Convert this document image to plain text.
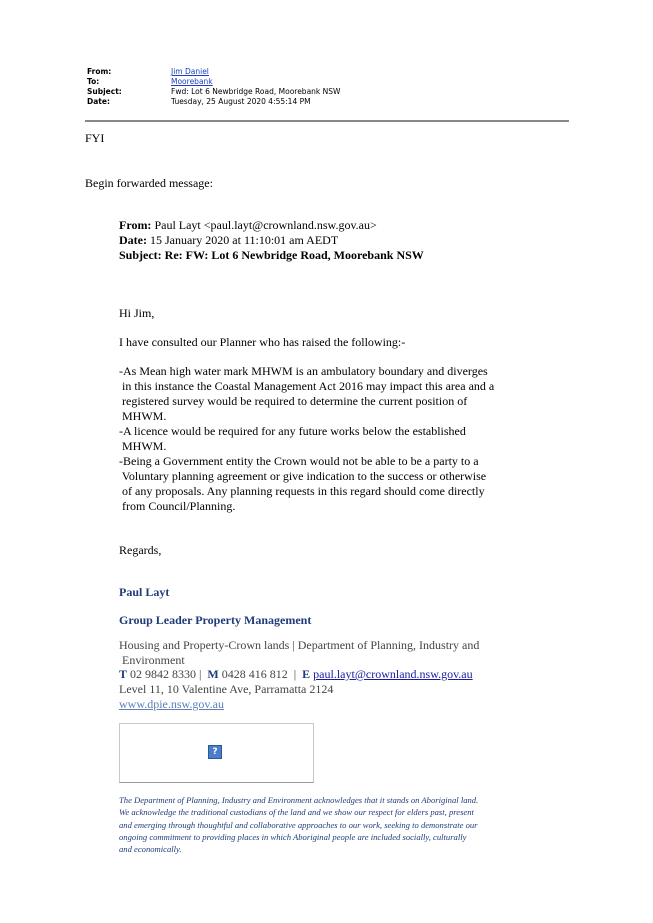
From:	Jim Daniel
To:	Moorebank
Subject:	Fwd: Lot 6 Newbridge Road, Moorebank NSW
Date:	Tuesday, 25 August 2020 4:55:14 PM
FYI
Begin forwarded message:
From: Paul Layt <paul.layt@crownland.nsw.gov.au>
Date: 15 January 2020 at 11:10:01 am AEDT
Subject: Re: FW: Lot 6 Newbridge Road, Moorebank NSW
Hi Jim,
I have consulted our Planner who has raised the following:-
-As Mean high water mark MHWM is an ambulatory boundary and diverges
in this instance the Coastal Management Act 2016 may impact this area and a
registered survey would be required to determine the current position of
MHWM.
-A licence would be required for any future works below the established
MHWM.
-Being a Government entity the Crown would not be able to be a party to a
Voluntary planning agreement or give indication to the success or otherwise
of any proposals. Any planning requests in this regard should come directly
from Council/Planning.
Regards,
Paul Layt
Group Leader Property Management
Housing and Property-Crown lands | Department of Planning, Industry and
Environment
T 02 9842 8330 |  M 0428 416 812  |  E paul.layt@crownland.nsw.gov.au
Level 11, 10 Valentine Ave, Parramatta 2124
www.dpie.nsw.gov.au
?
The Department of Planning, Industry and Environment acknowledges that it stands on Aboriginal land.
We acknowledge the traditional custodians of the land and we show our respect for elders past, present
and emerging through thoughtful and collaborative approaches to our work, seeking to demonstrate our
ongoing commitment to providing places in which Aboriginal people are included socially, culturally
and economically.
